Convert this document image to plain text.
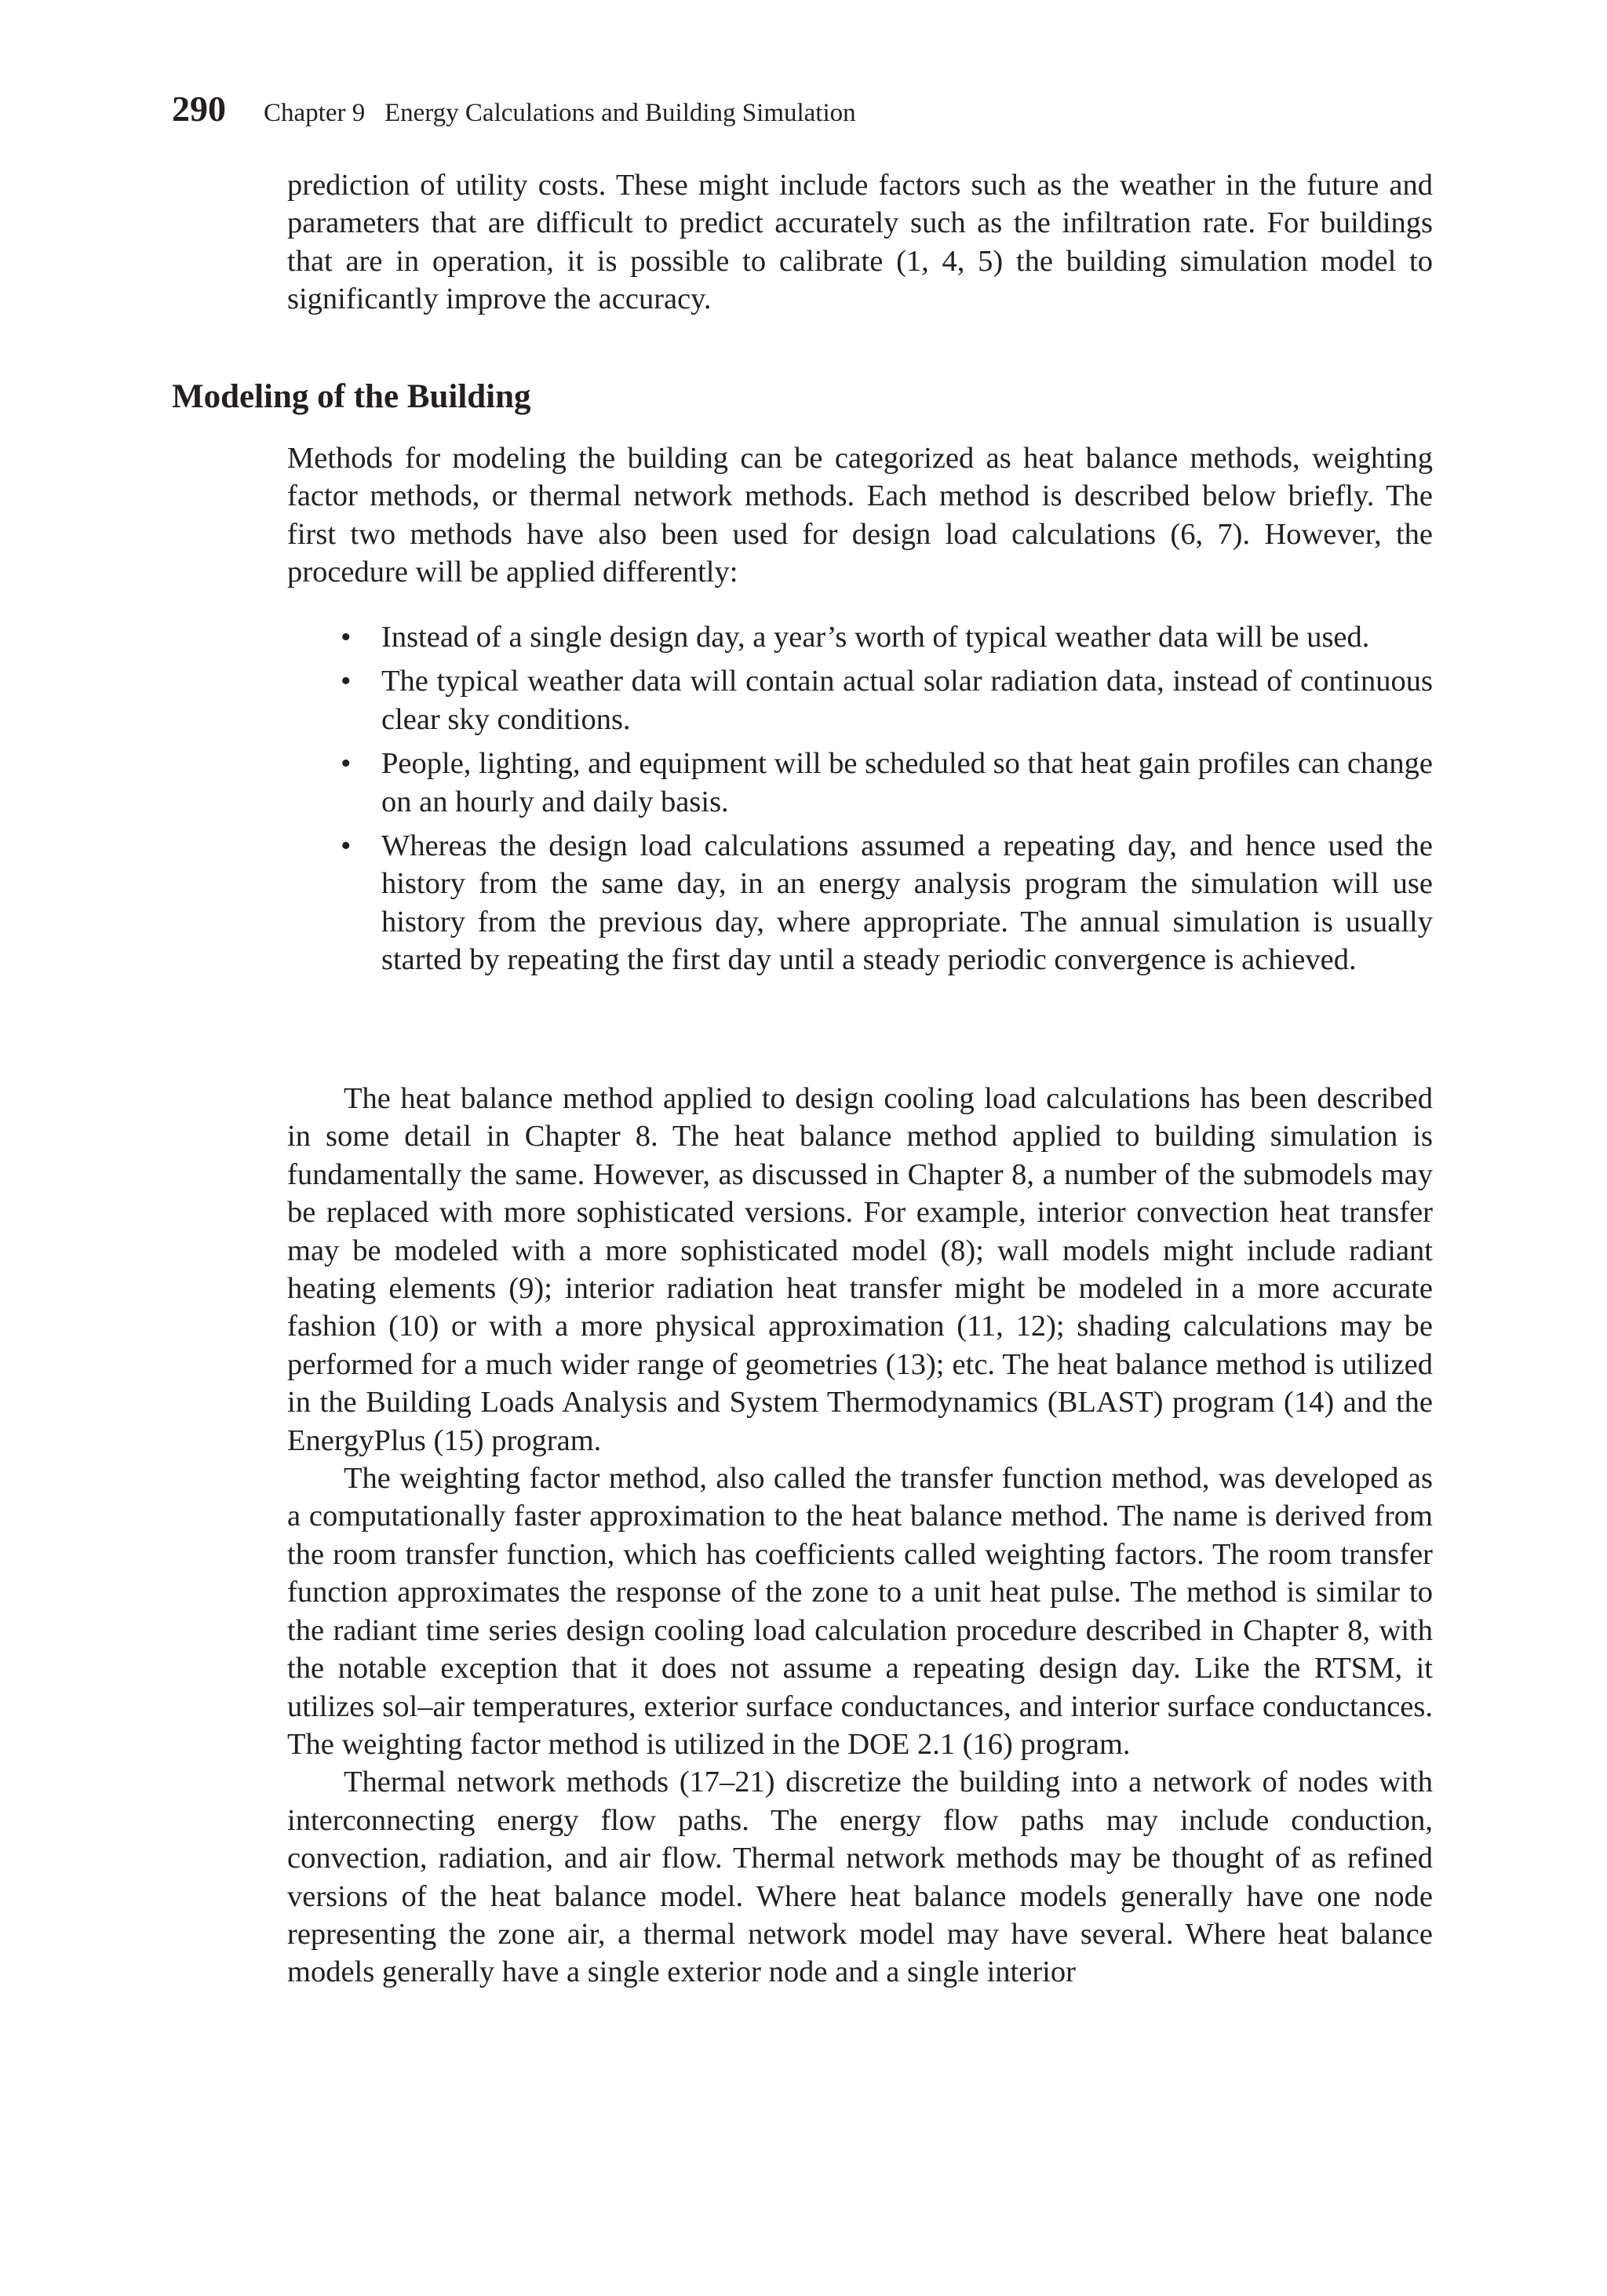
290 Chapter 9   Energy Calculations and Building Simulation

prediction of utility costs. These might include factors such as the weather in the future and parameters that are difficult to predict accurately such as the infiltration rate. For buildings that are in operation, it is possible to calibrate (1, 4, 5) the building simulation model to significantly improve the accuracy.

Modeling of the Building

Methods for modeling the building can be categorized as heat balance methods, weighting factor methods, or thermal network methods. Each method is described below briefly. The first two methods have also been used for design load calculations (6, 7). However, the procedure will be applied differently:

• Instead of a single design day, a year’s worth of typical weather data will be used.
• The typical weather data will contain actual solar radiation data, instead of continuous clear sky conditions.
• People, lighting, and equipment will be scheduled so that heat gain profiles can change on an hourly and daily basis.
• Whereas the design load calculations assumed a repeating day, and hence used the history from the same day, in an energy analysis program the simulation will use history from the previous day, where appropriate. The annual simulation is usually started by repeating the first day until a steady periodic convergence is achieved.

The heat balance method applied to design cooling load calculations has been described in some detail in Chapter 8. The heat balance method applied to building simulation is fundamentally the same. However, as discussed in Chapter 8, a number of the submodels may be replaced with more sophisticated versions. For example, interior convection heat transfer may be modeled with a more sophisticated model (8); wall models might include radiant heating elements (9); interior radiation heat transfer might be modeled in a more accurate fashion (10) or with a more physical approximation (11, 12); shading calculations may be performed for a much wider range of geometries (13); etc. The heat balance method is utilized in the Building Loads Analysis and System Thermodynamics (BLAST) program (14) and the EnergyPlus (15) program.

The weighting factor method, also called the transfer function method, was developed as a computationally faster approximation to the heat balance method. The name is derived from the room transfer function, which has coefficients called weighting factors. The room transfer function approximates the response of the zone to a unit heat pulse. The method is similar to the radiant time series design cooling load calculation procedure described in Chapter 8, with the notable exception that it does not assume a repeating design day. Like the RTSM, it utilizes sol–air temperatures, exterior surface conductances, and interior surface conductances. The weighting factor method is utilized in the DOE 2.1 (16) program.

Thermal network methods (17–21) discretize the building into a network of nodes with interconnecting energy flow paths. The energy flow paths may include conduction, convection, radiation, and air flow. Thermal network methods may be thought of as refined versions of the heat balance model. Where heat balance models generally have one node representing the zone air, a thermal network model may have several. Where heat balance models generally have a single exterior node and a single interior
